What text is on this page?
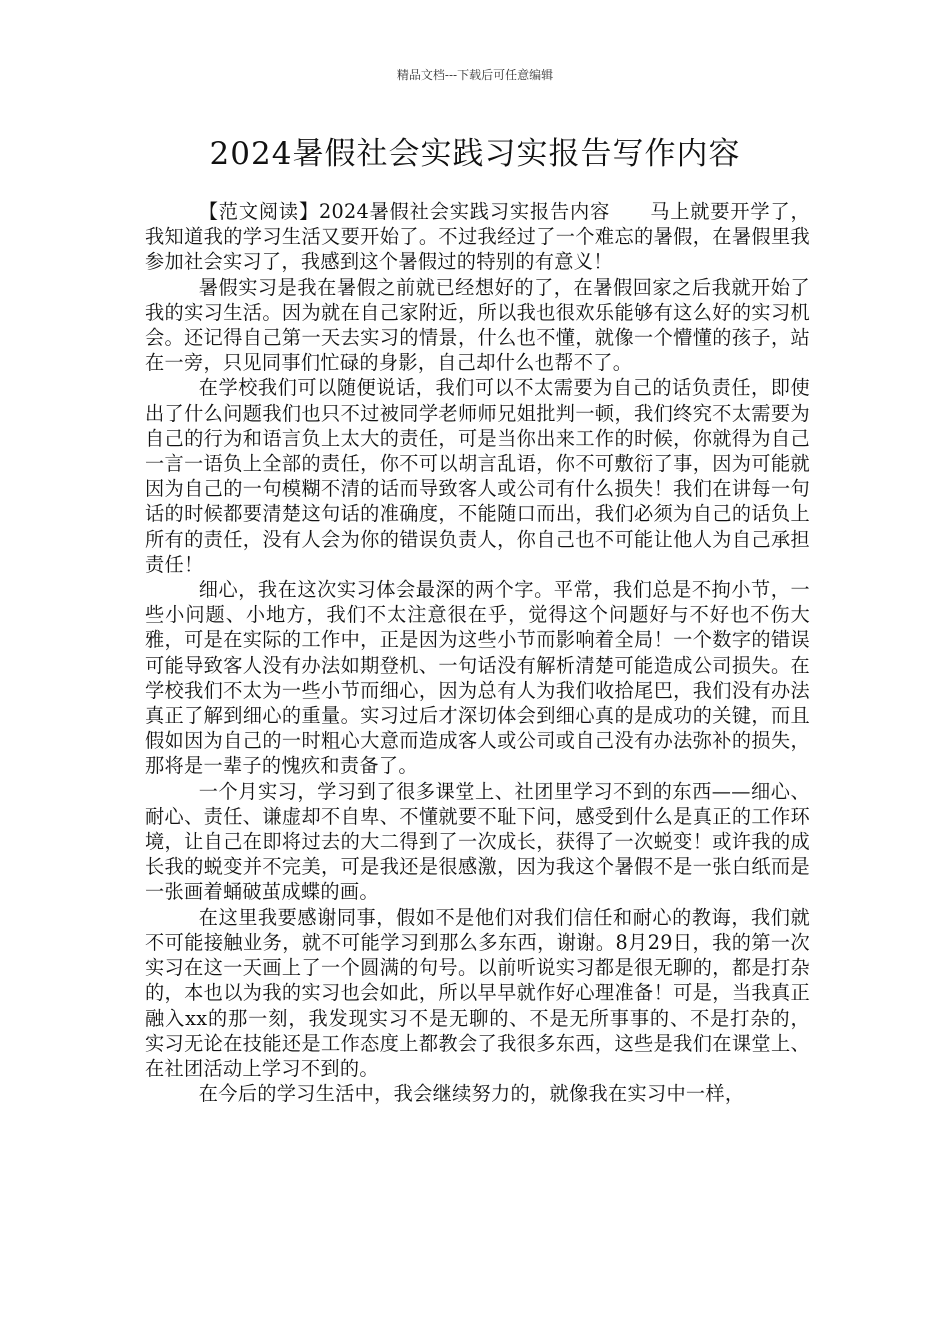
精品文档---下载后可任意编辑
2024暑假社会实践习实报告写作内容

【范文阅读】2024暑假社会实践习实报告内容　　马上就要开学了，我知道我的学习生活又要开始了。不过我经过了一个难忘的暑假，在暑假里我参加社会实习了，我感到这个暑假过的特别的有意义！

暑假实习是我在暑假之前就已经想好的了，在暑假回家之后我就开始了我的实习生活。因为就在自己家附近，所以我也很欢乐能够有这么好的实习机会。还记得自己第一天去实习的情景，什么也不懂，就像一个懵懂的孩子，站在一旁，只见同事们忙碌的身影，自己却什么也帮不了。

在学校我们可以随便说话，我们可以不太需要为自己的话负责任，即使出了什么问题我们也只不过被同学老师师兄姐批判一顿，我们终究不太需要为自己的行为和语言负上太大的责任，可是当你出来工作的时候，你就得为自己一言一语负上全部的责任，你不可以胡言乱语，你不可敷衍了事，因为可能就因为自己的一句模糊不清的话而导致客人或公司有什么损失！我们在讲每一句话的时候都要清楚这句话的准确度，不能随口而出，我们必须为自己的话负上所有的责任，没有人会为你的错误负责人，你自己也不可能让他人为自己承担责任！

细心，我在这次实习体会最深的两个字。平常，我们总是不拘小节，一些小问题、小地方，我们不太注意很在乎，觉得这个问题好与不好也不伤大雅，可是在实际的工作中，正是因为这些小节而影响着全局！一个数字的错误可能导致客人没有办法如期登机、一句话没有解析清楚可能造成公司损失。在学校我们不太为一些小节而细心，因为总有人为我们收拾尾巴，我们没有办法真正了解到细心的重量。实习过后才深切体会到细心真的是成功的关键，而且假如因为自己的一时粗心大意而造成客人或公司或自己没有办法弥补的损失，那将是一辈子的愧疚和责备了。

一个月实习，学习到了很多课堂上、社团里学习不到的东西——细心、耐心、责任、谦虚却不自卑、不懂就要不耻下问，感受到什么是真正的工作环境，让自己在即将过去的大二得到了一次成长，获得了一次蜕变！或许我的成长我的蜕变并不完美，可是我还是很感激，因为我这个暑假不是一张白纸而是一张画着蛹破茧成蝶的画。

在这里我要感谢同事，假如不是他们对我们信任和耐心的教诲，我们就不可能接触业务，就不可能学习到那么多东西，谢谢。8月29日，我的第一次实习在这一天画上了一个圆满的句号。以前听说实习都是很无聊的，都是打杂的，本也以为我的实习也会如此，所以早早就作好心理准备！可是，当我真正融入xx的那一刻，我发现实习不是无聊的、不是无所事事的、不是打杂的，实习无论在技能还是工作态度上都教会了我很多东西，这些是我们在课堂上、在社团活动上学习不到的。

在今后的学习生活中，我会继续努力的，就像我在实习中一样，
